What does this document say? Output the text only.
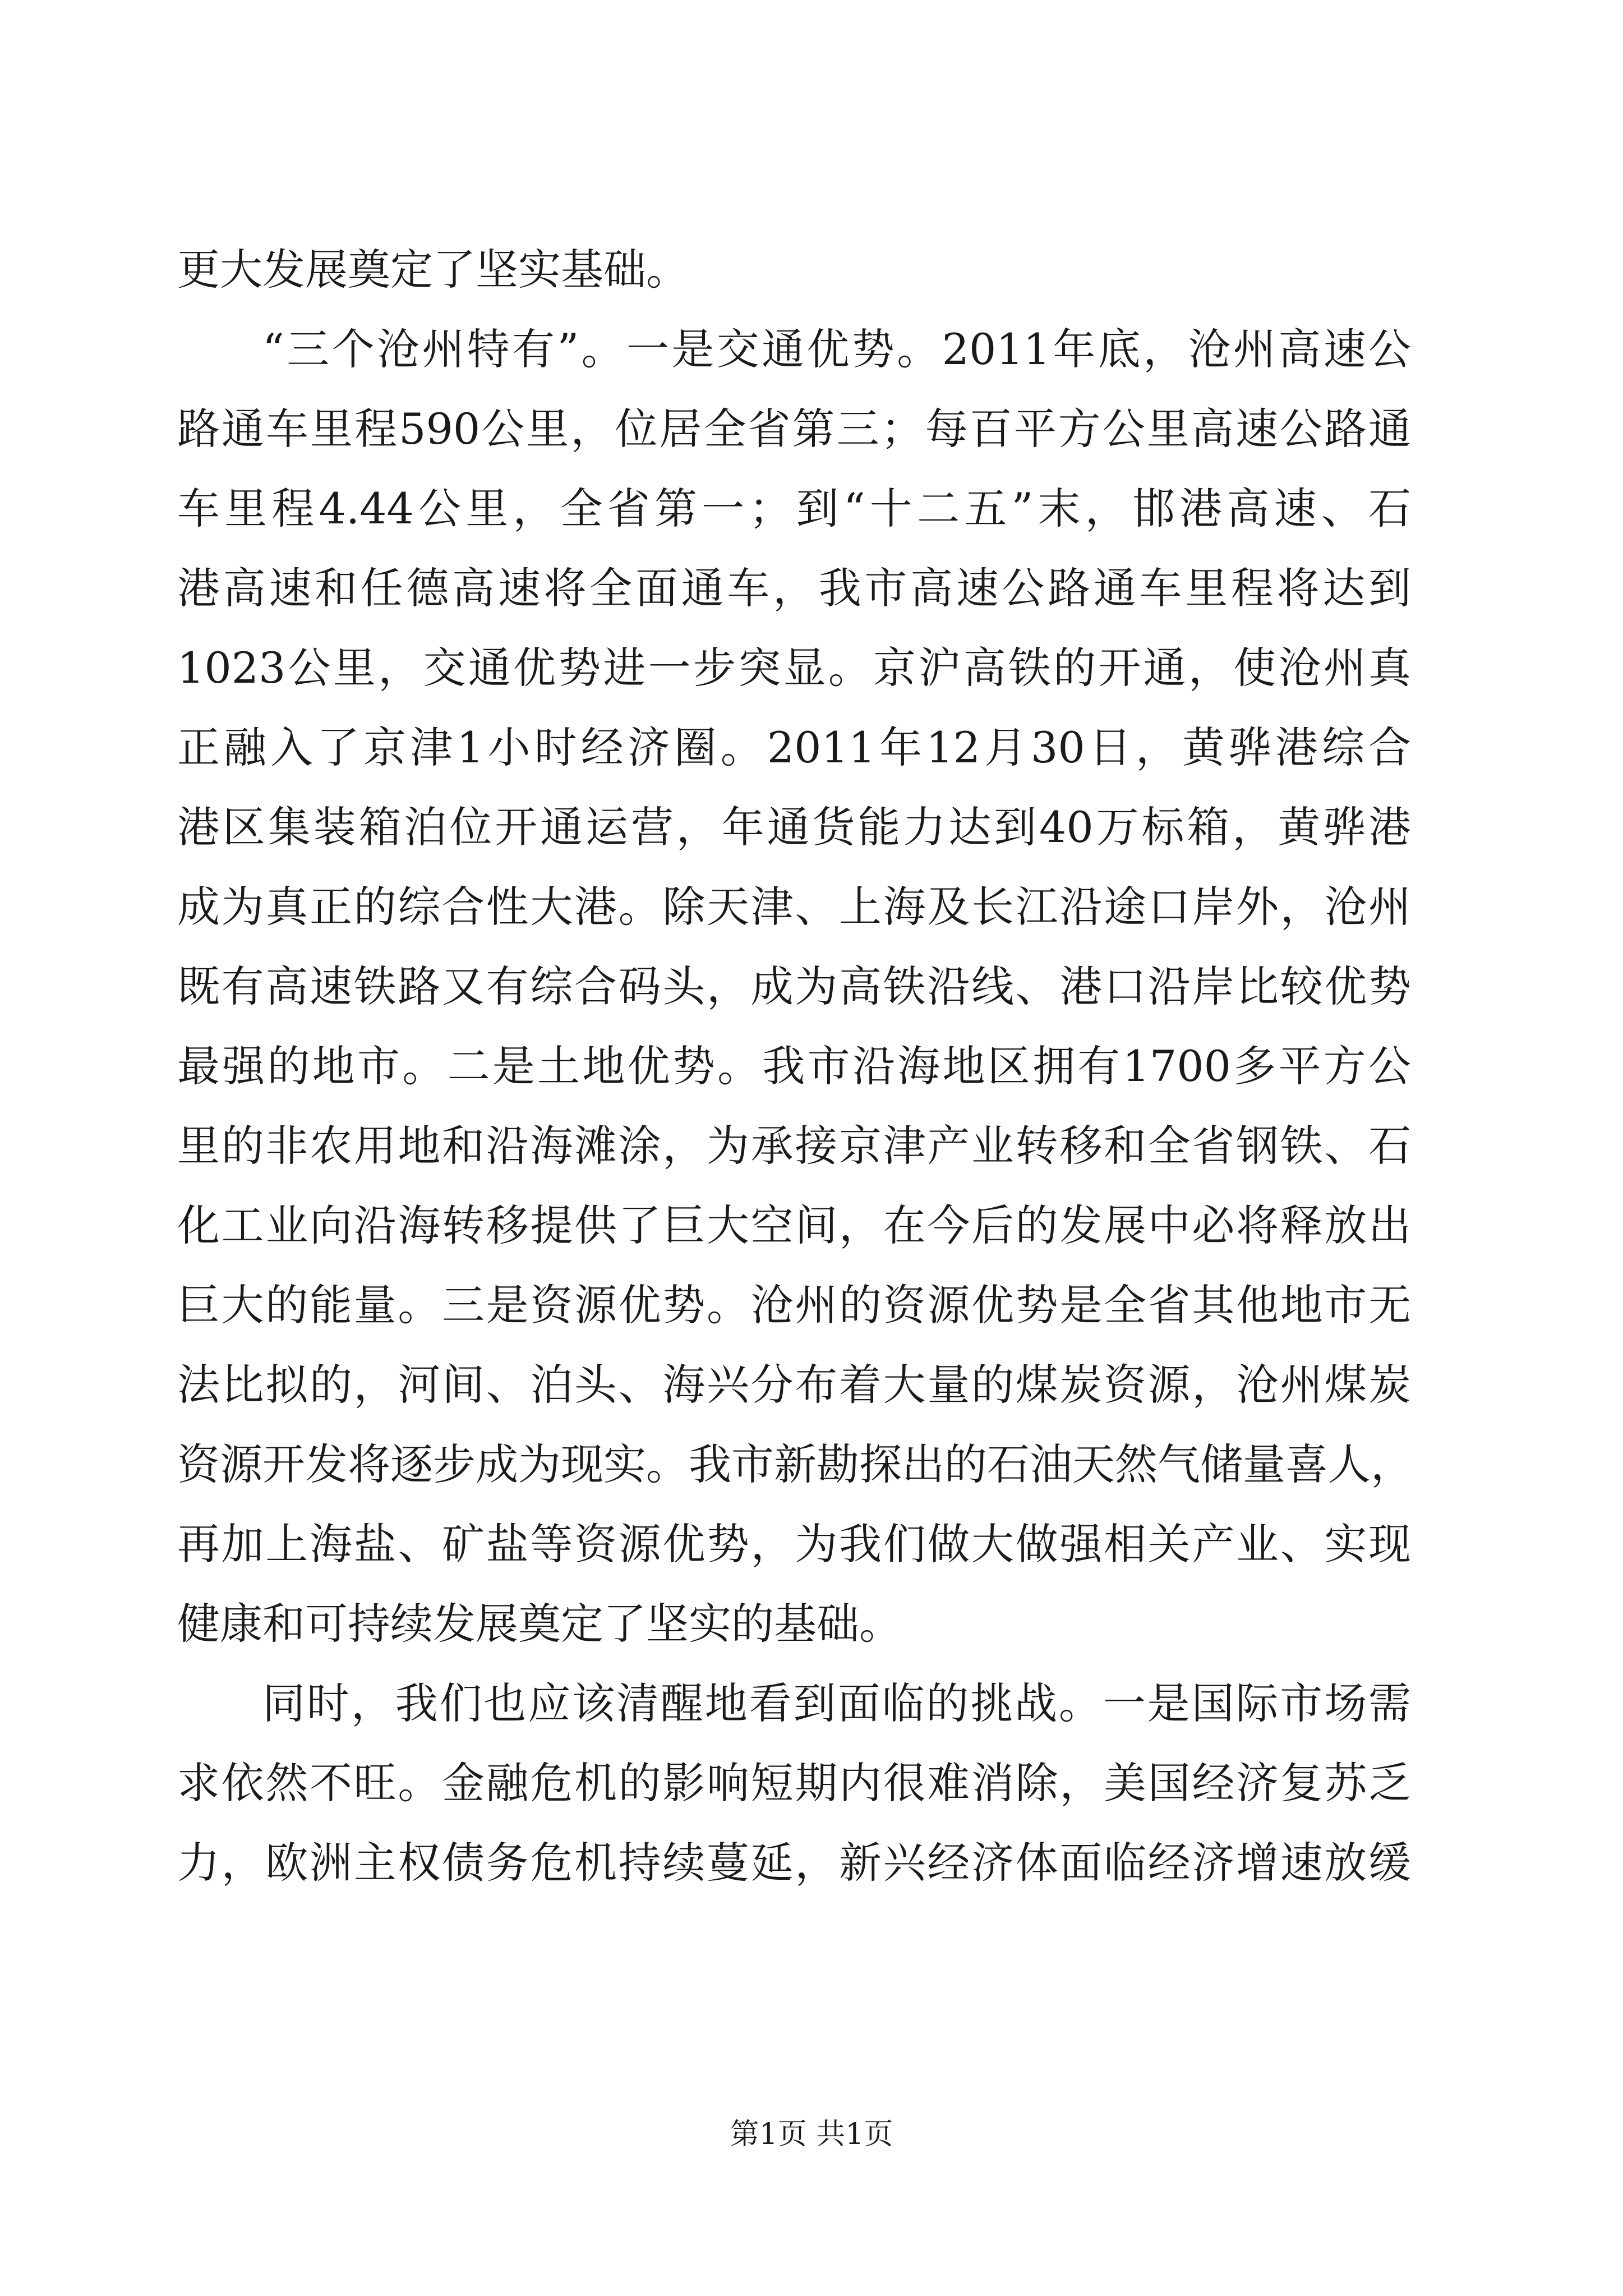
更大发展奠定了坚实基础。
“三个沧州特有”。一是交通优势。2011年底，沧州高速公
路通车里程590公里，位居全省第三；每百平方公里高速公路通
车里程4.44公里，全省第一；到“十二五”末，邯港高速、石
港高速和任德高速将全面通车，我市高速公路通车里程将达到
1023公里，交通优势进一步突显。京沪高铁的开通，使沧州真
正融入了京津1小时经济圈。2011年12月30日，黄骅港综合
港区集装箱泊位开通运营，年通货能力达到40万标箱，黄骅港
成为真正的综合性大港。除天津、上海及长江沿途口岸外，沧州
既有高速铁路又有综合码头，成为高铁沿线、港口沿岸比较优势
最强的地市。二是土地优势。我市沿海地区拥有1700多平方公
里的非农用地和沿海滩涂，为承接京津产业转移和全省钢铁、石
化工业向沿海转移提供了巨大空间，在今后的发展中必将释放出
巨大的能量。三是资源优势。沧州的资源优势是全省其他地市无
法比拟的，河间、泊头、海兴分布着大量的煤炭资源，沧州煤炭
资源开发将逐步成为现实。我市新勘探出的石油天然气储量喜人，
再加上海盐、矿盐等资源优势，为我们做大做强相关产业、实现
健康和可持续发展奠定了坚实的基础。
同时，我们也应该清醒地看到面临的挑战。一是国际市场需
求依然不旺。金融危机的影响短期内很难消除，美国经济复苏乏
力，欧洲主权债务危机持续蔓延，新兴经济体面临经济增速放缓
第1页 共1页
